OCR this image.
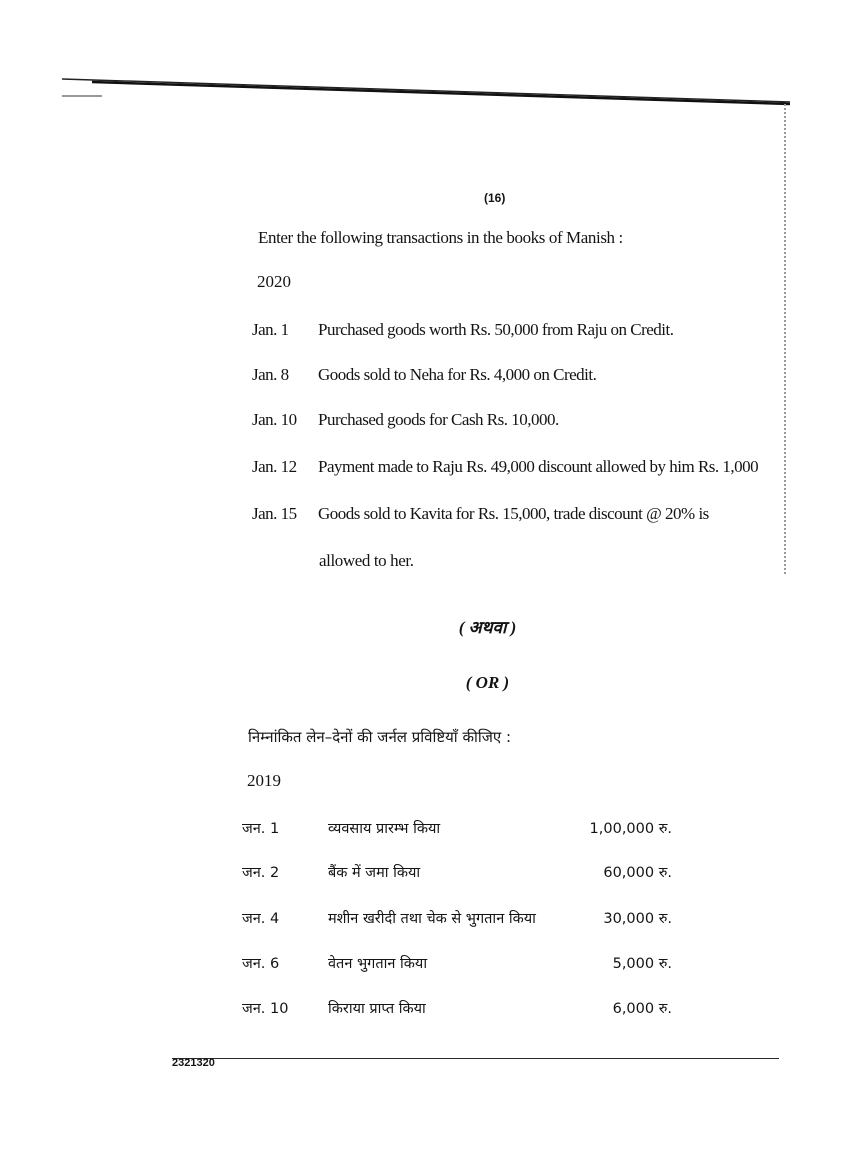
(16)
Enter the following transactions in the books of Manish :
2020
Jan. 1 Purchased goods worth Rs. 50,000 from Raju on Credit.
Jan. 8 Goods sold to Neha for Rs. 4,000 on Credit.
Jan. 10 Purchased goods for Cash Rs. 10,000.
Jan. 12 Payment made to Raju Rs. 49,000 discount allowed by him Rs. 1,000
Jan. 15 Goods sold to Kavita for Rs. 15,000, trade discount @ 20% is
allowed to her.
( अथवा )
( OR )
निम्नांकित लेन–देनों की जर्नल प्रविष्टियाँ कीजिए :
2019
जन. 1	व्यवसाय प्रारम्भ किया	1,00,000 रु.
जन. 2	बैंक में जमा किया	60,000 रु.
जन. 4	मशीन खरीदी तथा चेक से भुगतान किया	30,000 रु.
जन. 6	वेतन भुगतान किया	5,000 रु.
जन. 10	किराया प्राप्त किया	6,000 रु.
2321320
